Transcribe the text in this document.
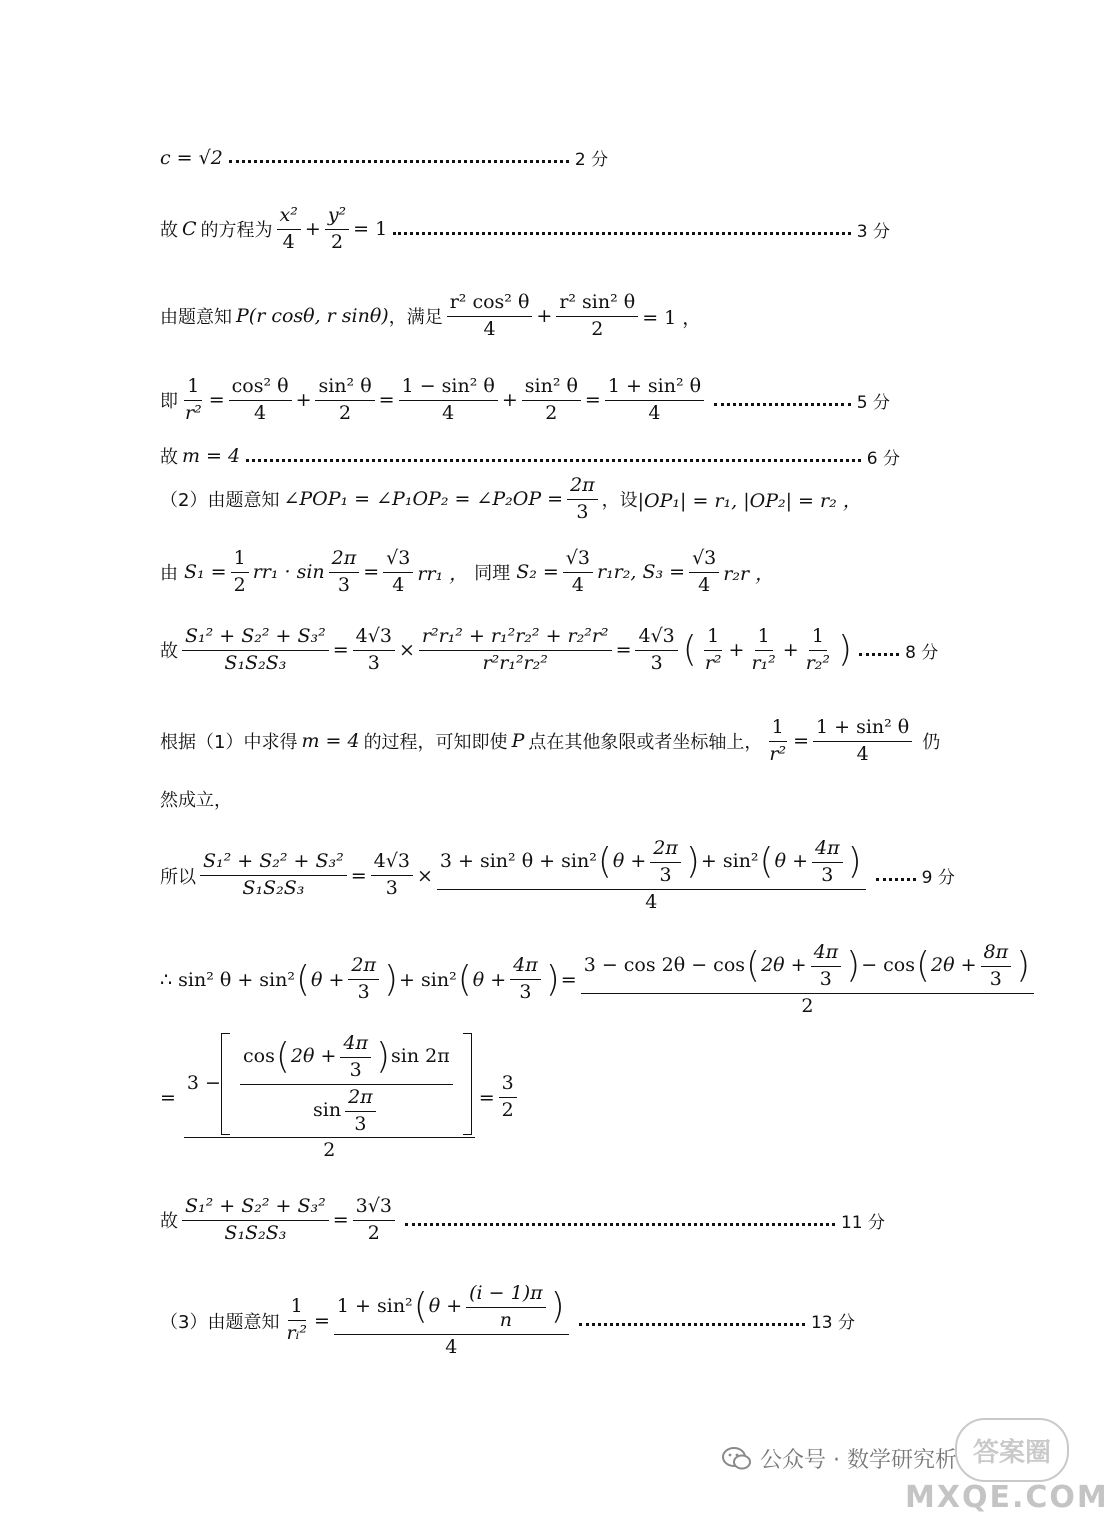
c = √2	2 分
故 C 的方程为 $\frac{\text{x²}}{4} + \frac{\text{y²}}{2} = 1$	3 分
由题意知 P(r cosθ, r sinθ) ，满足 $\frac{\text{r² cos² θ}}{4} + \frac{\text{r² sin² θ}}{2} = 1$ ，
即 $\frac{1}{\text{r²}} = \frac{\text{cos² θ}}{4} + \frac{\text{sin² θ}}{2} = \frac{\text{1 − sin² θ}}{4} + \frac{\text{sin² θ}}{2} = \frac{\text{1 + sin² θ}}{4}$	5 分
故 m = 4	6 分
（2）由题意知 ∠POP₁ = ∠P₁OP₂ = ∠P₂OP = $\frac{2\pi}{3}$ ，设 |OP₁| = r₁, |OP₂| = r₂ ，
由 $S_1 = \frac{1}{2} rr_1 \cdot \sin \frac{2\pi}{3} = \frac{√3}{4} rr_1$ ， 同理 $S_2 = \frac{√3}{4} r_1r_2$, $S_3 = \frac{√3}{4} r_2r$ ，
故 $\frac{\text{S₁² + S₂² + S₃²}}{\text{S₁S₂S₃}} = \frac{4√3}{3} \times \frac{\text{r²r₁² + r₁²r₂² + r₂²r²}}{\text{r²r₁²r₂²}} = \frac{4√3}{3}$ ( $\frac{1}{\text{r²}} + \frac{1}{\text{r₁²}} + \frac{1}{\text{r₂²}}$ )	8 分
根据（1）中求得 m = 4 的过程，可知即使 P 点在其他象限或者坐标轴上， $\frac{1}{\text{r²}} = \frac{\text{1 + sin² θ}}{4}$ 仍
然成立，
所以 $\frac{\text{S₁² + S₂² + S₃²}}{\text{S₁S₂S₃}} = \frac{4√3}{3}$ ×
3 + sin² θ + sin² ( $\theta + \frac{2\pi}{3}$ ) + sin² ( $\theta + \frac{4\pi}{3}$ )
4
9 分
∴ sin² θ + sin² ( $\theta + \frac{2\pi}{3}$ ) + sin² ( $\theta + \frac{4\pi}{3}$ ) =
3 − cos 2θ − cos ( $2\theta + \frac{4\pi}{3}$ ) − cos ( $2\theta + \frac{8\pi}{3}$ )
2
=
3 −
cos ( $2\theta + \frac{4\pi}{3}$ ) sin 2π
$\sin \frac{2\pi}{3}$
2
= $\frac{3}{2}$
故 $\frac{\text{S₁² + S₂² + S₃²}}{\text{S₁S₂S₃}} = \frac{3√3}{2}$	11 分
（3）由题意知 $\frac{1}{\text{rᵢ²}} = \frac{1 + \sin^2 ( \theta + \frac{(i - 1)\pi}{n} )}{4}$	13 分
公众号 · 数学研究析 答案圈
MXQE.COM
